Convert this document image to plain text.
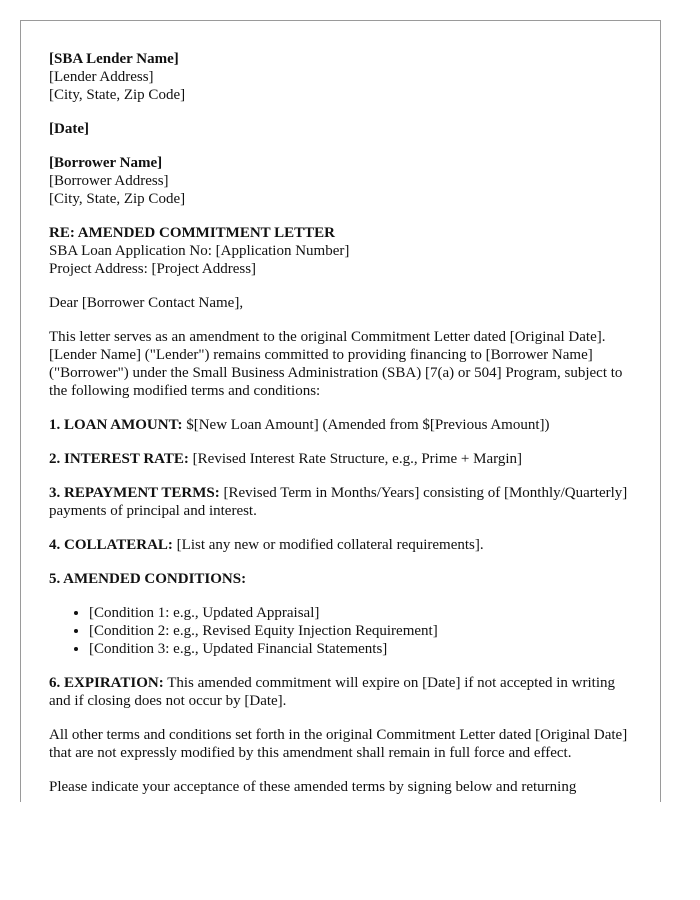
[SBA Lender Name]
[Lender Address]
[City, State, Zip Code]
[Date]
[Borrower Name]
[Borrower Address]
[City, State, Zip Code]
RE: AMENDED COMMITMENT LETTER
SBA Loan Application No: [Application Number]
Project Address: [Project Address]

Dear [Borrower Contact Name],

This letter serves as an amendment to the original Commitment Letter dated [Original Date]. [Lender Name] ("Lender") remains committed to providing financing to [Borrower Name] ("Borrower") under the Small Business Administration (SBA) [7(a) or 504] Program, subject to the following modified terms and conditions:

1. LOAN AMOUNT: $[New Loan Amount] (Amended from $[Previous Amount])

2. INTEREST RATE: [Revised Interest Rate Structure, e.g., Prime + Margin]

3. REPAYMENT TERMS: [Revised Term in Months/Years] consisting of [Monthly/Quarterly] payments of principal and interest.

4. COLLATERAL: [List any new or modified collateral requirements].

5. AMENDED CONDITIONS:

• [Condition 1: e.g., Updated Appraisal]
• [Condition 2: e.g., Revised Equity Injection Requirement]
• [Condition 3: e.g., Updated Financial Statements]

6. EXPIRATION: This amended commitment will expire on [Date] if not accepted in writing and if closing does not occur by [Date].

All other terms and conditions set forth in the original Commitment Letter dated [Original Date] that are not expressly modified by this amendment shall remain in full force and effect.

Please indicate your acceptance of these amended terms by signing below and returning
